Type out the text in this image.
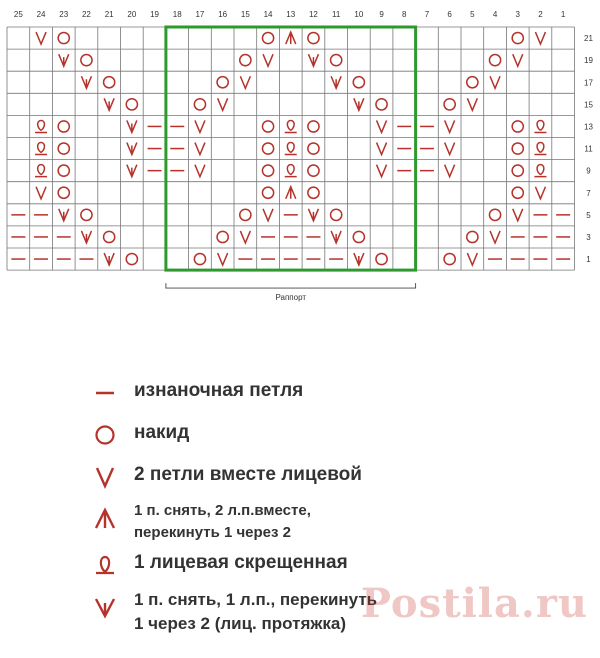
25 24 23 22 21 20 19 18 17 16 15 14 13 12 11 10 9 8 7 6 5 4 3 2 1
21
19
17
15
13
11
9
7
5
3
1
Раппорт
изнаночная петля
накид
2 петли вместе лицевой
1 п. снять, 2 л.п.вместе,
перекинуть 1 через 2
1 лицевая скрещенная
1 п. снять, 1 л.п., перекинуть
1 через 2 (лиц. протяжка) Postila.ru
